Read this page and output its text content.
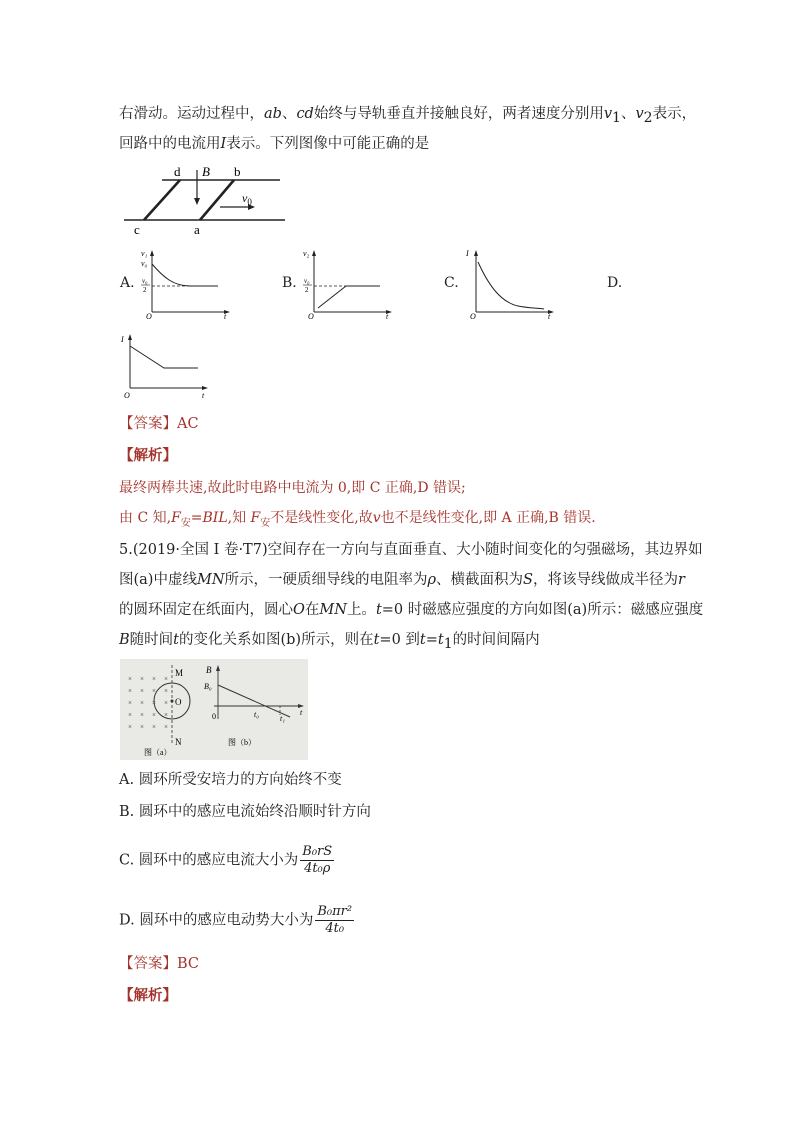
右滑动。运动过程中，ab、cd始终与导轨垂直并接触良好，两者速度分别用$v_1$、$v_2$表示，
回路中的电流用I表示。下列图像中可能正确的是
d B b
$v_0$
c	a
A.	B.	C.	D.
v₁
v₀
v₀
2
O	t
v₂
v₀
2
O	t
I
O	t
I
O	t
【答案】AC
【解析】
最终两棒共速,故此时电路中电流为 0,即 C 正确,D 错误;
由 C 知$,F_安=BIL$,知 $F_安$不是线性变化,故v也不是线性变化,即 A 正确,B 错误.
5.(2019·全国 I 卷·T7)空间存在一方向与直面垂直、大小随时间变化的匀强磁场，其边界如
图(a)中虚线MN所示，一硬质细导线的电阻率为ρ、横截面积为S，将该导线做成半径为r
的圆环固定在纸面内，圆心O在MN上。t=0 时磁感应强度的方向如图(a)所示：磁感应强度
B随时间t的变化关系如图(b)所示，则在t=0 到$t=t_1$的时间间隔内
× × × ×
× × × ×
× × × ×
× × × ×
× × × ×
M
O
N
图（a）
B
B₀
0	t₀	t₁
t
图（b）
A. 圆环所受安培力的方向始终不变
B. 圆环中的感应电流始终沿顺时针方向
C. 圆环中的感应电流大小为 $\frac{\text{B₀rS}}{\text{4t₀ρ}}$
D. 圆环中的感应电动势大小为 $\frac{\text{B₀πr²}}{\text{4t₀}}$
【答案】BC
【解析】
